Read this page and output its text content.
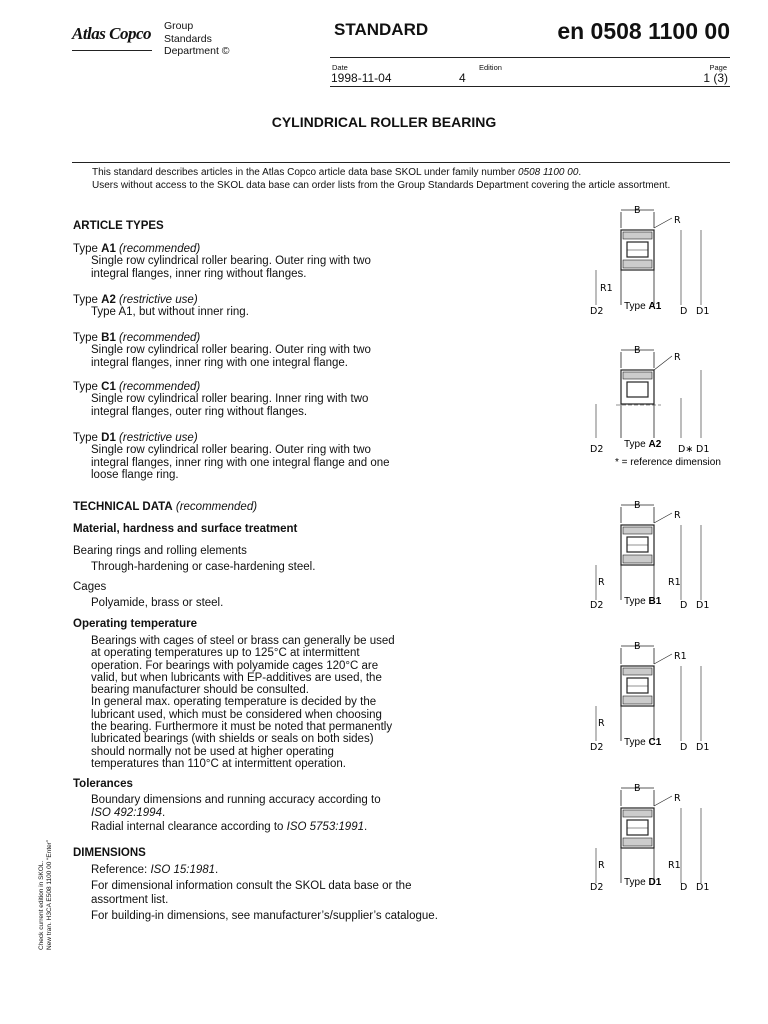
Atlas Copco Group
Standards
Department ©
STANDARD	en 0508 1100 00
Date
1998-11-04
Edition
4
Page
1 (3)
CYLINDRICAL ROLLER BEARING
This standard describes articles in the Atlas Copco article data base SKOL under family number 0508 1100 00.
Users without access to the SKOL data base can order lists from the Group Standards Department covering the article assortment.
ARTICLE TYPES
Type A1 (recommended)
Single row cylindrical roller bearing. Outer ring with two
integral flanges, inner ring without flanges.
Type A2 (restrictive use)
Type A1, but without inner ring.
Type B1 (recommended)
Single row cylindrical roller bearing. Outer ring with two
integral flanges, inner ring with one integral flange.
Type C1 (recommended)
Single row cylindrical roller bearing. Inner ring with two
integral flanges, outer ring without flanges.
Type D1 (restrictive use)
Single row cylindrical roller bearing. Outer ring with two
integral flanges, inner ring with one integral flange and one
loose flange ring.
TECHNICAL DATA (recommended)
Material, hardness and surface treatment
Bearing rings and rolling elements
Through-hardening or case-hardening steel.
Cages
Polyamide, brass or steel.
Operating temperature
Bearings with cages of steel or brass can generally be used
at operating temperatures up to 125°C at intermittent
operation. For bearings with polyamide cages 120°C are
valid, but when lubricants with EP-additives are used, the
bearing manufacturer should be consulted.
In general max. operating temperature is decided by the
lubricant used, which must be considered when choosing
the bearing. Furthermore it must be noted that permanently
lubricated bearings (with shields or seals on both sides)
should normally not be used at higher operating
temperatures than 110°C at intermittent operation.
Tolerances
Boundary dimensions and running accuracy according to
ISO 492:1994.
Radial internal clearance according to ISO 5753:1991.
DIMENSIONS
Reference: ISO 15:1981.
For dimensional information consult the SKOL data base or the
assortment list.
For building-in dimensions, see manufacturer’s/supplier’s catalogue.
Check current edition in SKOL. New tran. H3CA E508 1100 00 “Enter”
B
R
R1
D2 Type A1 D D1
B
R
D2 Type A2 D∗ D1
* = reference dimension
B
R
R	R1
D2 Type B1 D D1
B
R1
R
D2 Type C1 D D1
B
R
R	R1
D2 Type D1 D D1
